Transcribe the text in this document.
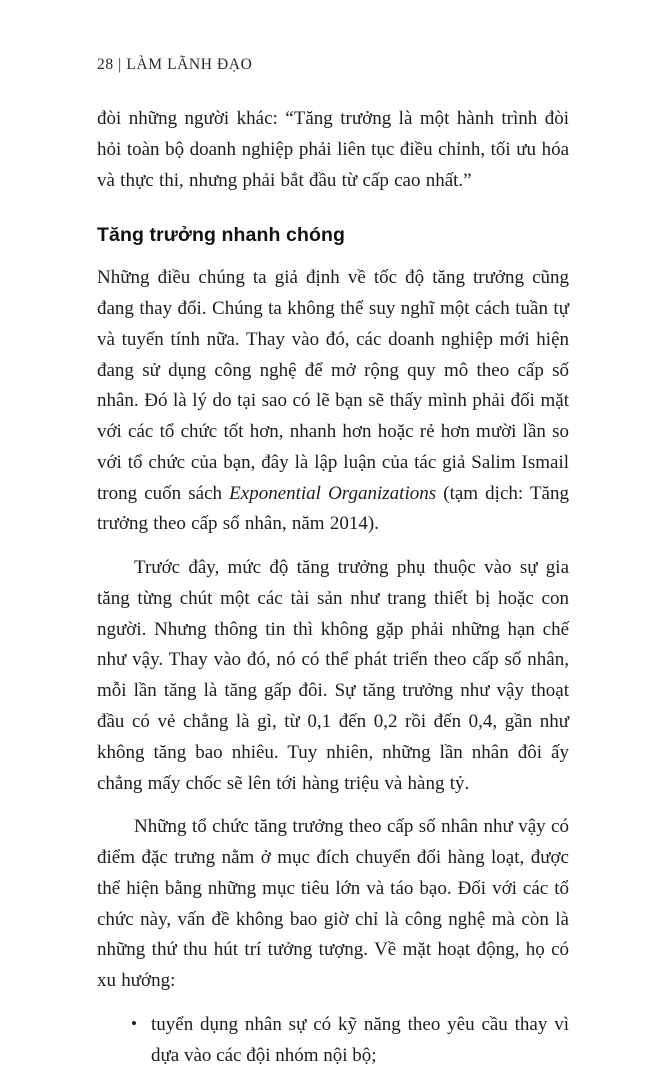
28 | LÀM LÃNH ĐẠO

đòi những người khác: “Tăng trưởng là một hành trình đòi hỏi toàn bộ doanh nghiệp phải liên tục điều chỉnh, tối ưu hóa và thực thi, nhưng phải bắt đầu từ cấp cao nhất.”

Tăng trưởng nhanh chóng

Những điều chúng ta giả định về tốc độ tăng trưởng cũng đang thay đổi. Chúng ta không thể suy nghĩ một cách tuần tự và tuyến tính nữa. Thay vào đó, các doanh nghiệp mới hiện đang sử dụng công nghệ để mở rộng quy mô theo cấp số nhân. Đó là lý do tại sao có lẽ bạn sẽ thấy mình phải đối mặt với các tổ chức tốt hơn, nhanh hơn hoặc rẻ hơn mười lần so với tổ chức của bạn, đây là lập luận của tác giả Salim Ismail trong cuốn sách Exponential Organizations (tạm dịch: Tăng trưởng theo cấp số nhân, năm 2014).

Trước đây, mức độ tăng trưởng phụ thuộc vào sự gia tăng từng chút một các tài sản như trang thiết bị hoặc con người. Nhưng thông tin thì không gặp phải những hạn chế như vậy. Thay vào đó, nó có thể phát triển theo cấp số nhân, mỗi lần tăng là tăng gấp đôi. Sự tăng trưởng như vậy thoạt đầu có vẻ chẳng là gì, từ 0,1 đến 0,2 rồi đến 0,4, gần như không tăng bao nhiêu. Tuy nhiên, những lần nhân đôi ấy chẳng mấy chốc sẽ lên tới hàng triệu và hàng tỷ.

Những tổ chức tăng trưởng theo cấp số nhân như vậy có điểm đặc trưng nằm ở mục đích chuyển đổi hàng loạt, được thể hiện bằng những mục tiêu lớn và táo bạo. Đối với các tổ chức này, vấn đề không bao giờ chỉ là công nghệ mà còn là những thứ thu hút trí tưởng tượng. Về mặt hoạt động, họ có xu hướng:

• tuyển dụng nhân sự có kỹ năng theo yêu cầu thay vì dựa vào các đội nhóm nội bộ;
